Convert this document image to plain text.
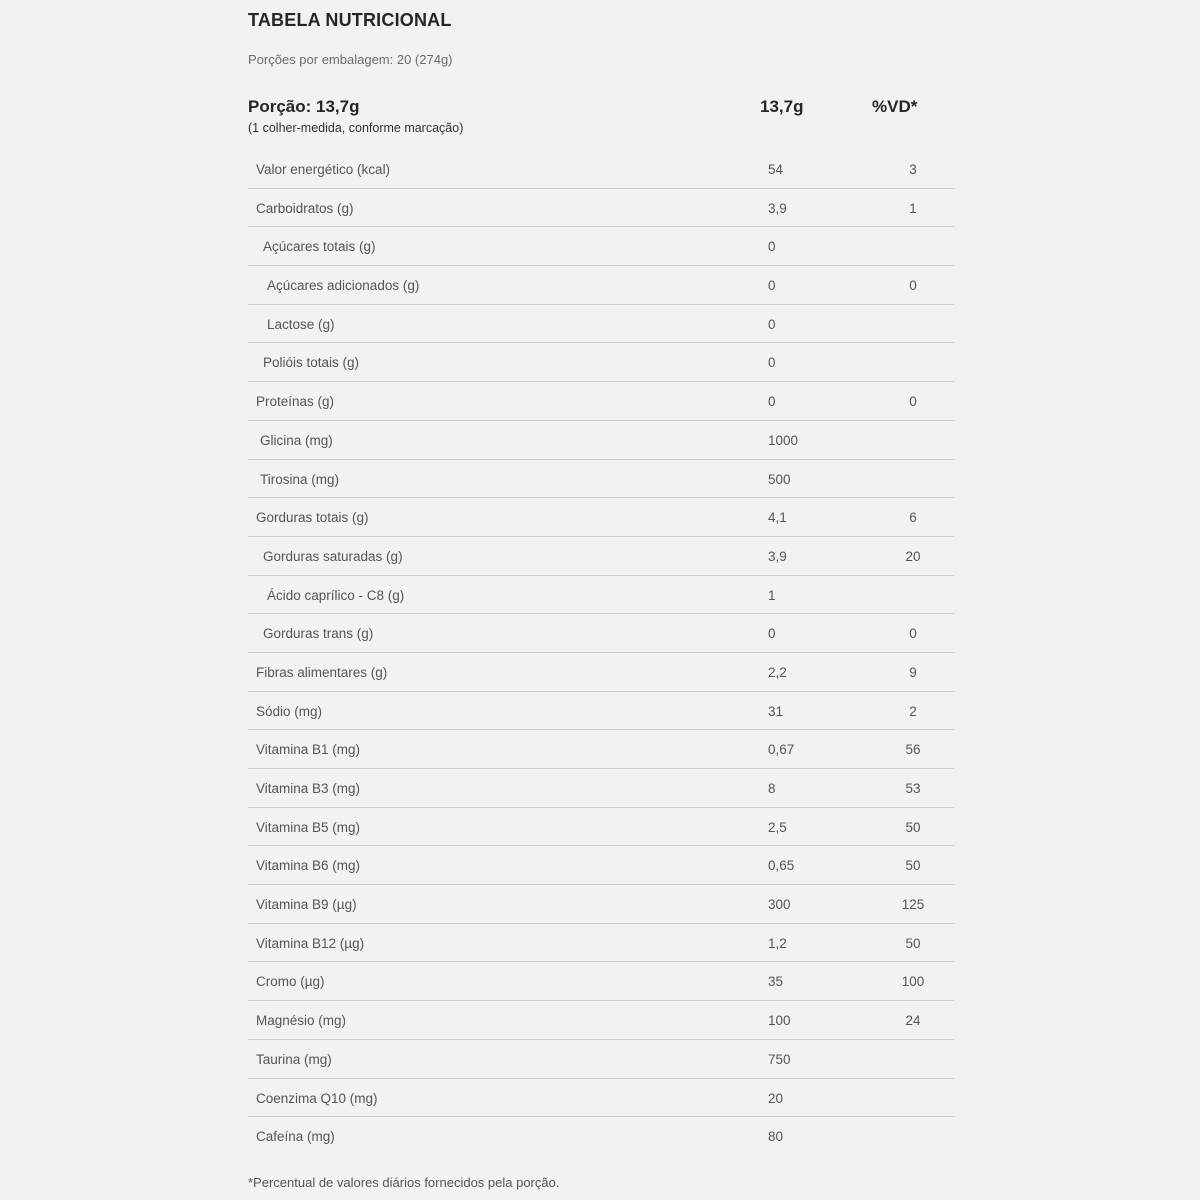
TABELA NUTRICIONAL
Porções por embalagem: 20 (274g)
Porção: 13,7g
(1 colher-medida, conforme marcação)
13,7g	%VD*
Valor energético (kcal)	54	3
Carboidratos (g)	3,9	1
Açúcares totais (g)	0
Açúcares adicionados (g)	0	0
Lactose (g)	0
Polióis totais (g)	0
Proteínas (g)	0	0
Glicina (mg)	1000
Tirosina (mg)	500
Gorduras totais (g)	4,1	6
Gorduras saturadas (g)	3,9	20
Ácido caprílico - C8 (g)	1
Gorduras trans (g)	0	0
Fibras alimentares (g)	2,2	9
Sódio (mg)	31	2
Vitamina B1 (mg)	0,67	56
Vitamina B3 (mg)	8	53
Vitamina B5 (mg)	2,5	50
Vitamina B6 (mg)	0,65	50
Vitamina B9 (µg)	300	125
Vitamina B12 (µg)	1,2	50
Cromo (µg)	35	100
Magnésio (mg)	100	24
Taurina (mg)	750
Coenzima Q10 (mg)	20
Cafeína (mg)	80
*Percentual de valores diários fornecidos pela porção.
